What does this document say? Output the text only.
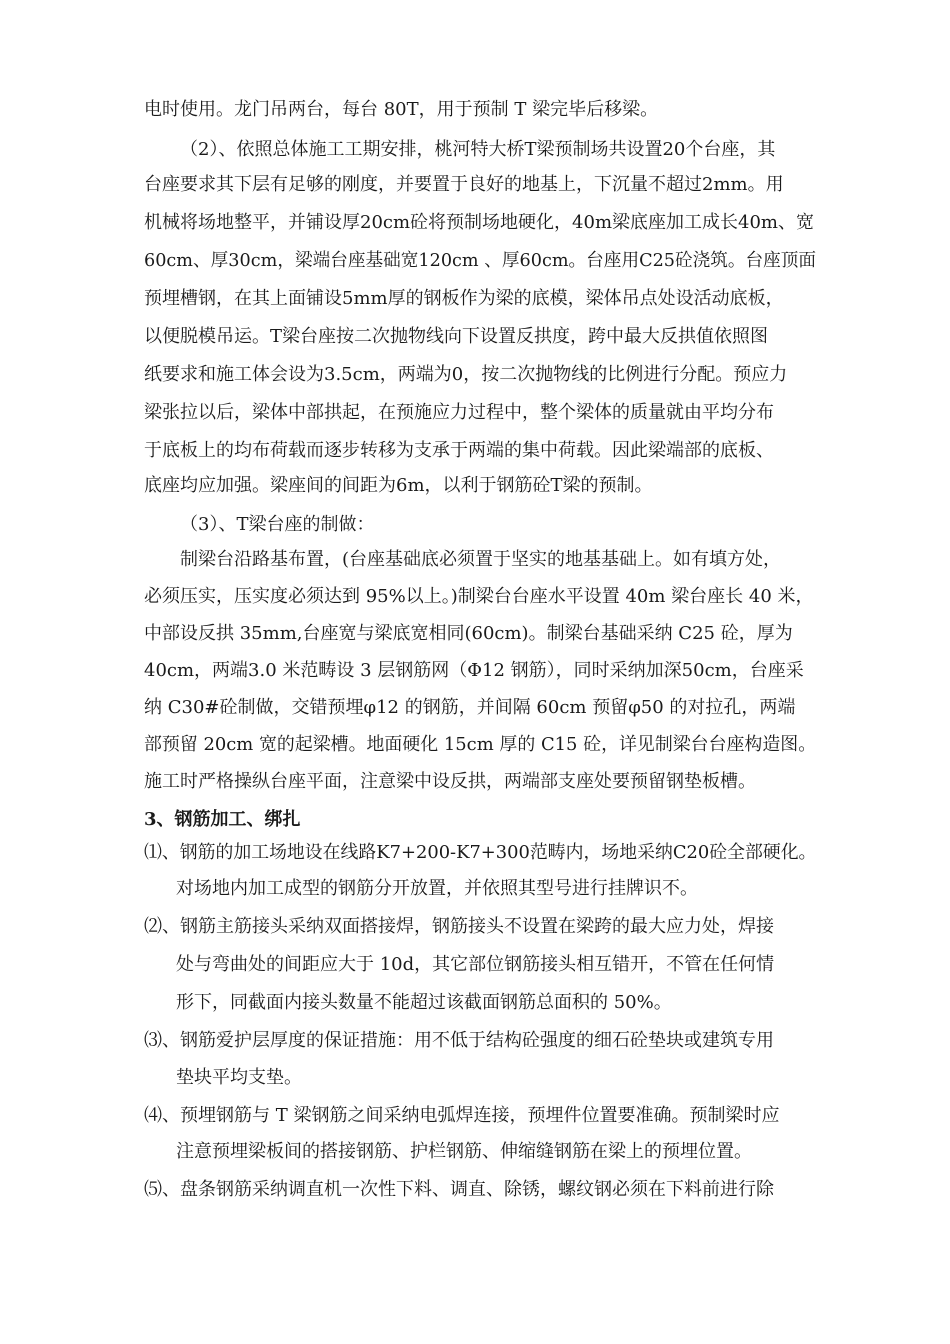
电时使用。龙门吊两台，每台 80T，用于预制 T 梁完毕后移梁。
（2）、依照总体施工工期安排，桃河特大桥T梁预制场共设置20个台座，其
台座要求其下层有足够的刚度，并要置于良好的地基上，下沉量不超过2mm。用
机械将场地整平，并铺设厚20cm砼将预制场地硬化，40m梁底座加工成长40m、宽
60cm、厚30cm，梁端台座基础宽120cm 、厚60cm。台座用C25砼浇筑。台座顶面
预埋槽钢，在其上面铺设5mm厚的钢板作为梁的底模，梁体吊点处设活动底板，
以便脱模吊运。T梁台座按二次抛物线向下设置反拱度，跨中最大反拱值依照图
纸要求和施工体会设为3.5cm，两端为0，按二次抛物线的比例进行分配。预应力
梁张拉以后，梁体中部拱起，在预施应力过程中，整个梁体的质量就由平均分布
于底板上的均布荷载而逐步转移为支承于两端的集中荷载。因此梁端部的底板、
底座均应加强。梁座间的间距为6m，以利于钢筋砼T梁的预制。
（3）、T梁台座的制做：
制梁台沿路基布置，(台座基础底必须置于坚实的地基基础上。如有填方处，
必须压实，压实度必须达到 95%以上。)制梁台台座水平设置 40m 梁台座长 40 米，
中部设反拱 35mm,台座宽与梁底宽相同(60cm)。制梁台基础采纳 C25 砼，厚为
40cm，两端3.0 米范畴设 3 层钢筋网（Φ12 钢筋），同时采纳加深50cm，台座采
纳 C30#砼制做，交错预埋φ12 的钢筋，并间隔 60cm 预留φ50 的对拉孔，两端
部预留 20cm 宽的起梁槽。地面硬化 15cm 厚的 C15 砼，详见制梁台台座构造图。
施工时严格操纵台座平面，注意梁中设反拱，两端部支座处要预留钢垫板槽。
3、钢筋加工、绑扎
⑴、钢筋的加工场地设在线路K7+200-K7+300范畴内，场地采纳C20砼全部硬化。
对场地内加工成型的钢筋分开放置，并依照其型号进行挂牌识不。
⑵、钢筋主筋接头采纳双面搭接焊，钢筋接头不设置在梁跨的最大应力处，焊接
处与弯曲处的间距应大于 10d，其它部位钢筋接头相互错开，不管在任何情
形下，同截面内接头数量不能超过该截面钢筋总面积的 50%。
⑶、钢筋爱护层厚度的保证措施：用不低于结构砼强度的细石砼垫块或建筑专用
垫块平均支垫。
⑷、预埋钢筋与 T 梁钢筋之间采纳电弧焊连接，预埋件位置要准确。预制梁时应
注意预埋梁板间的搭接钢筋、护栏钢筋、伸缩缝钢筋在梁上的预埋位置。
⑸、盘条钢筋采纳调直机一次性下料、调直、除锈，螺纹钢必须在下料前进行除
